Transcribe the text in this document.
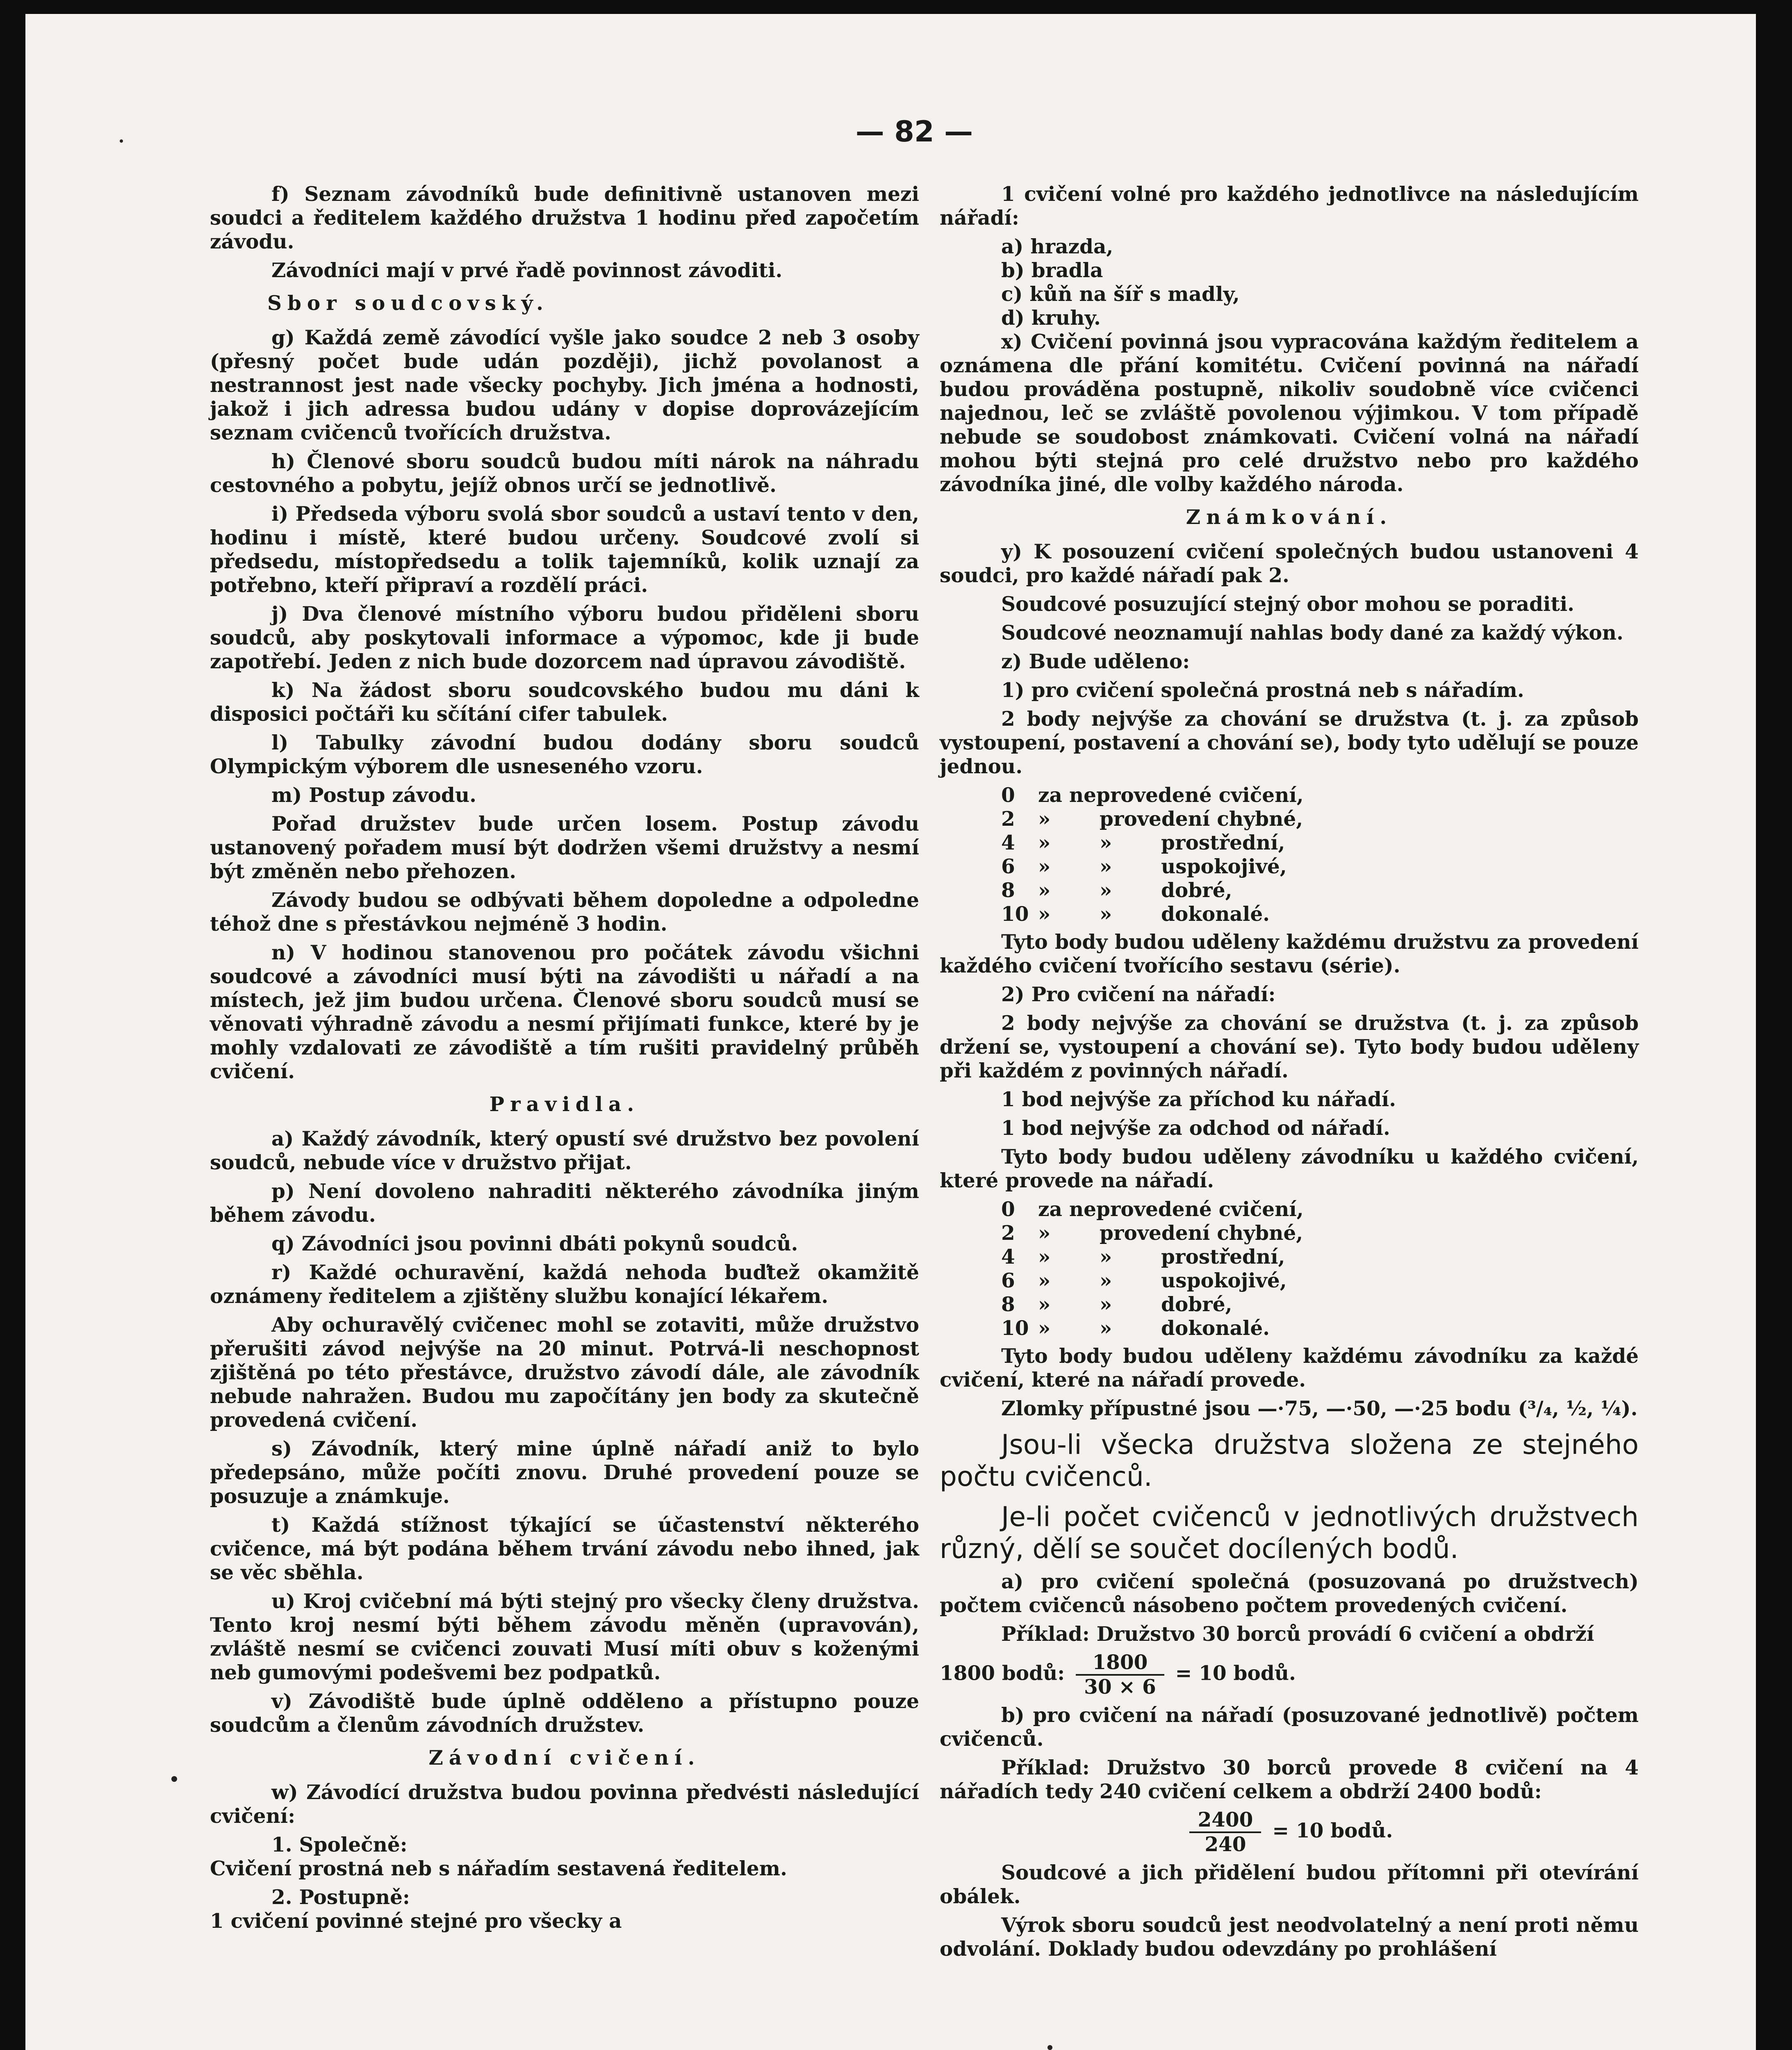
— 82 —

f) Seznam závodníků bude definitivně ustanoven mezi soudci a ředitelem každého družstva 1 hodinu před započetím závodu.

Závodníci mají v prvé řadě povinnost závoditi.

Sbor soudcovský.

g) Každá země závodící vyšle jako soudce 2 neb 3 osoby (přesný počet bude udán později), jichž povolanost a nestrannost jest nade všecky pochyby. Jich jména a hodnosti, jakož i jich adressa budou udány v dopise doprovázejícím seznam cvičenců tvořících družstva.

h) Členové sboru soudců budou míti nárok na náhradu cestovného a pobytu, jejíž obnos určí se jednotlivě.

i) Předseda výboru svolá sbor soudců a ustaví tento v den, hodinu i místě, které budou určeny. Soudcové zvolí si předsedu, místopředsedu a tolik tajemníků, kolik uznají za potřebno, kteří připraví a rozdělí práci.

j) Dva členové místního výboru budou přiděleni sboru soudců, aby poskytovali informace a výpomoc, kde ji bude zapotřebí. Jeden z nich bude dozorcem nad úpravou závodiště.

k) Na žádost sboru soudcovského budou mu dáni k disposici počtáři ku sčítání cifer tabulek.

l) Tabulky závodní budou dodány sboru soudců Olympickým výborem dle usneseného vzoru.

m) Postup závodu.

Pořad družstev bude určen losem. Postup závodu ustanovený pořadem musí být dodržen všemi družstvy a nesmí být změněn nebo přehozen.

Závody budou se odbývati během dopoledne a odpoledne téhož dne s přestávkou nejméně 3 hodin.

n) V hodinou stanovenou pro počátek závodu všichni soudcové a závodníci musí býti na závodišti u nářadí a na místech, jež jim budou určena. Členové sboru soudců musí se věnovati výhradně závodu a nesmí přijímati funkce, které by je mohly vzdalovati ze závodiště a tím rušiti pravidelný průběh cvičení.

Pravidla.

a) Každý závodník, který opustí své družstvo bez povolení soudců, nebude více v družstvo přijat.

p) Není dovoleno nahraditi některého závodníka jiným během závodu.

q) Závodníci jsou povinni dbáti pokynů soudců.

r) Každé ochuravění, každá nehoda buďtež okamžitě oznámeny ředitelem a zjištěny službu konající lékařem.

Aby ochuravělý cvičenec mohl se zotaviti, může družstvo přerušiti závod nejvýše na 20 minut. Potrvá-li neschopnost zjištěná po této přestávce, družstvo závodí dále, ale závodník nebude nahražen. Budou mu započítány jen body za skutečně provedená cvičení.

s) Závodník, který mine úplně nářadí aniž to bylo předepsáno, může počíti znovu. Druhé provedení pouze se posuzuje a známkuje.

t) Každá stížnost týkající se účastenství některého cvičence, má být podána během trvání závodu nebo ihned, jak se věc sběhla.

u) Kroj cvičební má býti stejný pro všecky členy družstva. Tento kroj nesmí býti během závodu měněn (upravován), zvláště nesmí se cvičenci zouvati Musí míti obuv s koženými neb gumovými podešvemi bez podpatků.

v) Závodiště bude úplně odděleno a přístupno pouze soudcům a členům závodních družstev.

Závodní cvičení.

w) Závodící družstva budou povinna předvésti následující cvičení:

1. Společně:

Cvičení prostná neb s nářadím sestavená ředitelem.

2. Postupně:

1 cvičení povinné stejné pro všecky a

1 cvičení volné pro každého jednotlivce na následujícím nářadí:

a) hrazda,

b) bradla

c) kůň na šíř s madly,

d) kruhy.

x) Cvičení povinná jsou vypracována každým ředitelem a oznámena dle přání komitétu. Cvičení povinná na nářadí budou prováděna postupně, nikoliv soudobně více cvičenci najednou, leč se zvláště povolenou výjimkou. V tom případě nebude se soudobost známkovati. Cvičení volná na nářadí mohou býti stejná pro celé družstvo nebo pro každého závodníka jiné, dle volby každého národa.

Známkování.

y) K posouzení cvičení společných budou ustanoveni 4 soudci, pro každé nářadí pak 2.

Soudcové posuzující stejný obor mohou se poraditi.

Soudcové neoznamují nahlas body dané za každý výkon.

z) Bude uděleno:

1) pro cvičení společná prostná neb s nářadím.

2 body nejvýše za chování se družstva (t. j. za způsob vystoupení, postavení a chování se), body tyto udělují se pouze jednou.

0 za neprovedené cvičení,
2 » provedení chybné,
4 » » prostřední,
6 » » uspokojivé,
8 » » dobré,
10 » » dokonalé.

Tyto body budou uděleny každému družstvu za provedení každého cvičení tvořícího sestavu (série).

2) Pro cvičení na nářadí:

2 body nejvýše za chování se družstva (t. j. za způsob držení se, vystoupení a chování se). Tyto body budou uděleny při každém z povinných nářadí.

1 bod nejvýše za příchod ku nářadí.

1 bod nejvýše za odchod od nářadí.

Tyto body budou uděleny závodníku u každého cvičení, které provede na nářadí.

0 za neprovedené cvičení,
2 » provedení chybné,
4 » » prostřední,
6 » » uspokojivé,
8 » » dobré,
10 » » dokonalé.

Tyto body budou uděleny každému závodníku za každé cvičení, které na nářadí provede.

Zlomky přípustné jsou —·75, —·50, —·25 bodu (³/₄, ½, ¼).

Jsou-li všecka družstva složena ze stejného počtu cvičenců.

Je-li počet cvičenců v jednotlivých družstvech různý, dělí se součet docílených bodů.

a) pro cvičení společná (posuzovaná po družstvech) počtem cvičenců násobeno počtem provedených cvičení.

Příklad: Družstvo 30 borců provádí 6 cvičení a obdrží

1800 bodů: $\frac{1800}{30 \times 6} = 10$ bodů.

b) pro cvičení na nářadí (posuzované jednotlivě) počtem cvičenců.

Příklad: Družstvo 30 borců provede 8 cvičení na 4 nářadích tedy 240 cvičení celkem a obdrží 2400 bodů:

$\frac{2400}{240} = 10$ bodů.

Soudcové a jich přidělení budou přítomni při otevírání obálek.

Výrok sboru soudců jest neodvolatelný a není proti němu odvolání. Doklady budou odevzdány po prohlášení
